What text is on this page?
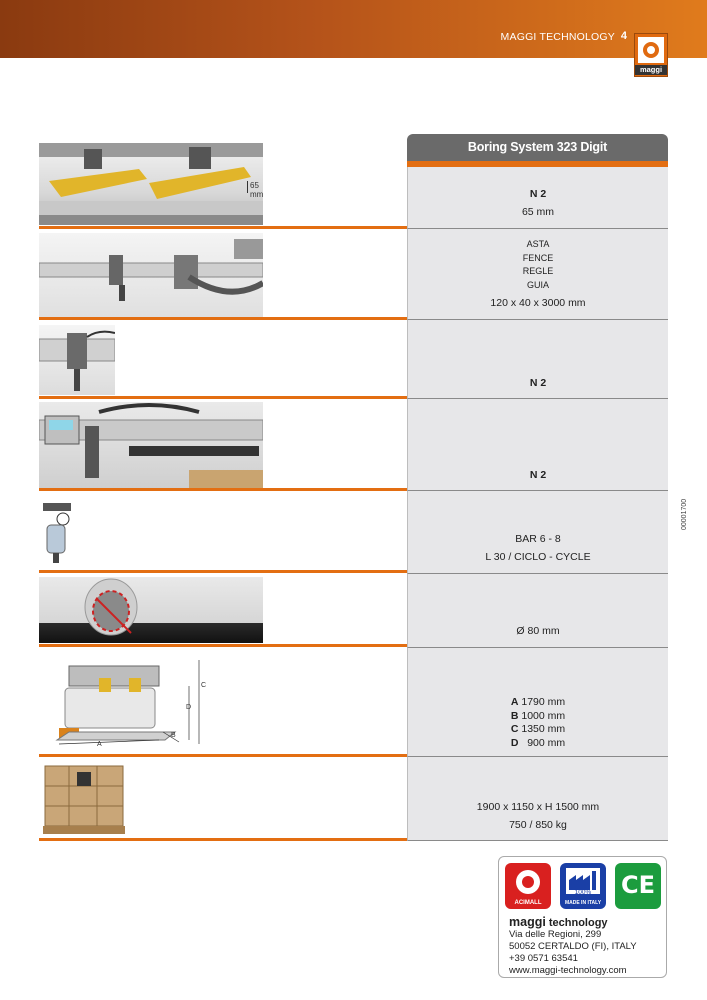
MAGGI TECHNOLOGY 4
maggi
Boring System 323 Digit
N 2
65 mm
ASTA
FENCE
REGLE
GUIA
120 x 40 x 3000 mm
N 2
N 2
BAR 6 - 8
L 30 / CICLO - CYCLE
Ø 80 mm
A 1790 mm
B 1000 mm
C 1350 mm
D 900 mm
1900 x 1150 x H 1500 mm
750 / 850 kg
65 mm
A
B
C
D
00001700
ACIMALL
100%
MADE IN ITALY
CE
maggi technology
Via delle Regioni, 299
50052 CERTALDO (FI), ITALY
+39 0571 63541
www.maggi-technology.com
